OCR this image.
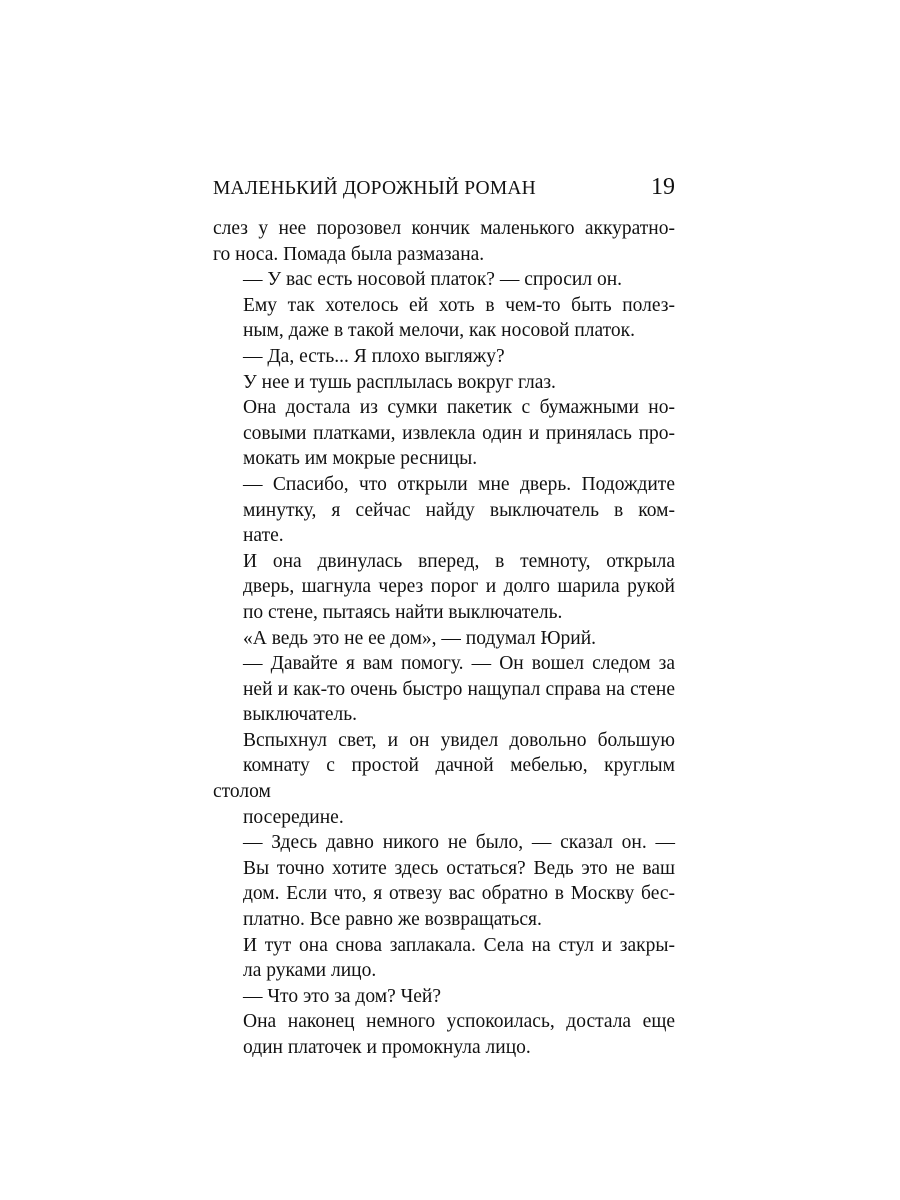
МАЛЕНЬКИЙ ДОРОЖНЫЙ РОМАН	19

слез у нее порозовел кончик маленького аккуратно-
го носа. Помада была размазана.

— У вас есть носовой платок? — спросил он.

Ему так хотелось ей хоть в чем-то быть полез-
ным, даже в такой мелочи, как носовой платок.

— Да, есть... Я плохо выгляжу?

У нее и тушь расплылась вокруг глаз.

Она достала из сумки пакетик с бумажными но-
совыми платками, извлекла один и принялась про-
мокать им мокрые ресницы.

— Спасибо, что открыли мне дверь. Подождите
минутку, я сейчас найду выключатель в ком-
нате.

И она двинулась вперед, в темноту, открыла
дверь, шагнула через порог и долго шарила рукой
по стене, пытаясь найти выключатель.

«А ведь это не ее дом», — подумал Юрий.

— Давайте я вам помогу. — Он вошел следом за
ней и как-то очень быстро нащупал справа на стене
выключатель.

Вспыхнул свет, и он увидел довольно большую
комнату с простой дачной мебелью, круглым столом
посередине.

— Здесь давно никого не было, — сказал он. —
Вы точно хотите здесь остаться? Ведь это не ваш
дом. Если что, я отвезу вас обратно в Москву бес-
платно. Все равно же возвращаться.

И тут она снова заплакала. Села на стул и закры-
ла руками лицо.

— Что это за дом? Чей?

Она наконец немного успокоилась, достала еще
один платочек и промокнула лицо.
